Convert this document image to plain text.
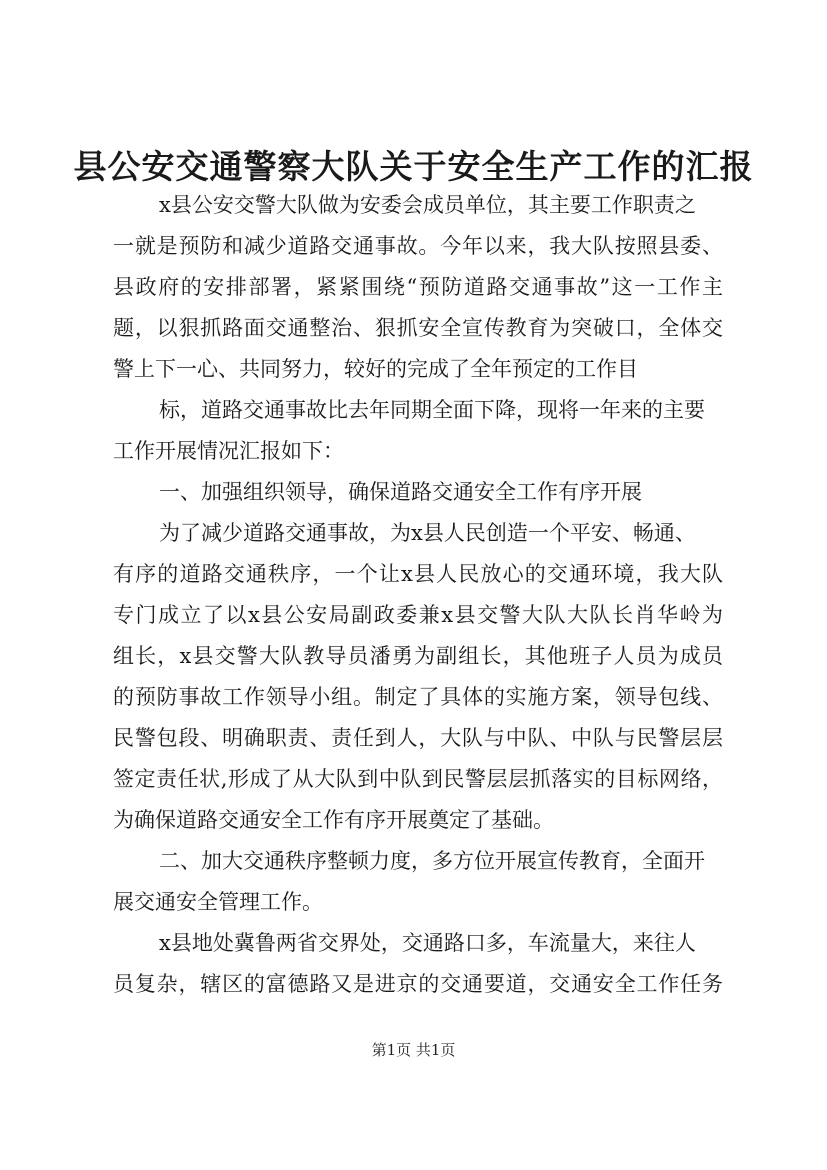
县公安交通警察大队关于安全生产工作的汇报
x县公安交警大队做为安委会成员单位，其主要工作职责之
一就是预防和减少道路交通事故。今年以来，我大队按照县委、
县政府的安排部署，紧紧围绕“预防道路交通事故”这一工作主
题，以狠抓路面交通整治、狠抓安全宣传教育为突破口，全体交
警上下一心、共同努力，较好的完成了全年预定的工作目
标，道路交通事故比去年同期全面下降，现将一年来的主要
工作开展情况汇报如下：
一、加强组织领导，确保道路交通安全工作有序开展
为了减少道路交通事故，为x县人民创造一个平安、畅通、
有序的道路交通秩序，一个让x县人民放心的交通环境，我大队
专门成立了以x县公安局副政委兼x县交警大队大队长肖华岭为
组长，x县交警大队教导员潘勇为副组长，其他班子人员为成员
的预防事故工作领导小组。制定了具体的实施方案，领导包线、
民警包段、明确职责、责任到人，大队与中队、中队与民警层层
签定责任状,形成了从大队到中队到民警层层抓落实的目标网络，
为确保道路交通安全工作有序开展奠定了基础。
二、加大交通秩序整顿力度，多方位开展宣传教育，全面开
展交通安全管理工作。
x县地处冀鲁两省交界处，交通路口多，车流量大，来往人
员复杂，辖区的富德路又是进京的交通要道，交通安全工作任务
第1页 共1页
